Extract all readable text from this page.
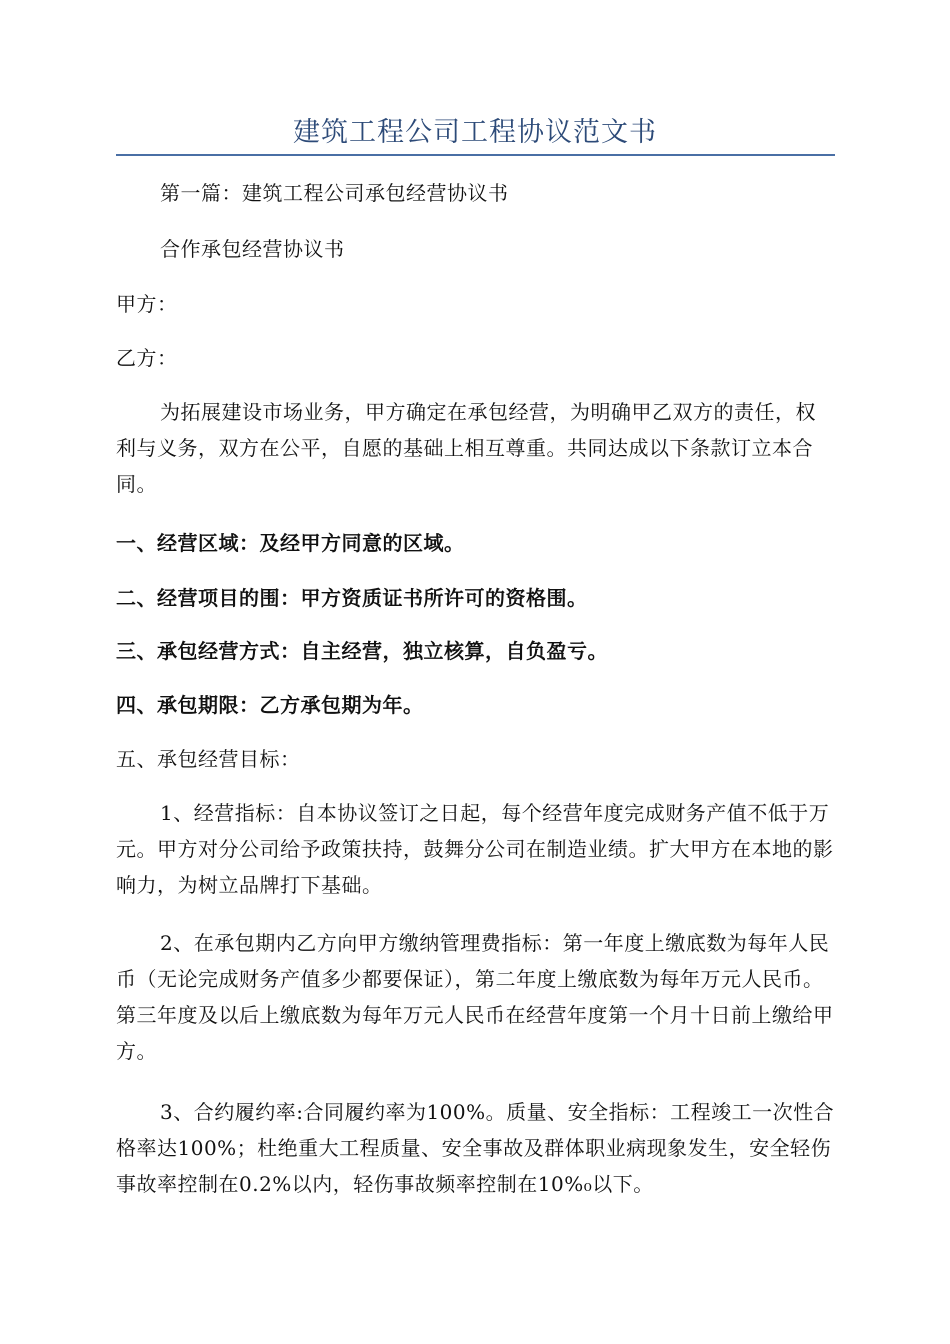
建筑工程公司工程协议范文书

第一篇：建筑工程公司承包经营协议书

合作承包经营协议书

甲方：

乙方：

为拓展建设市场业务，甲方确定在承包经营，为明确甲乙双方的责任，权利与义务，双方在公平，自愿的基础上相互尊重。共同达成以下条款订立本合同。

一、经营区域：及经甲方同意的区域。

二、经营项目的围：甲方资质证书所许可的资格围。

三、承包经营方式：自主经营，独立核算，自负盈亏。

四、承包期限：乙方承包期为年。

五、承包经营目标：

1、经营指标：自本协议签订之日起，每个经营年度完成财务产值不低于万元。甲方对分公司给予政策扶持，鼓舞分公司在制造业绩。扩大甲方在本地的影响力，为树立品牌打下基础。

2、在承包期内乙方向甲方缴纳管理费指标：第一年度上缴底数为每年人民币（无论完成财务产值多少都要保证），第二年度上缴底数为每年万元人民币。第三年度及以后上缴底数为每年万元人民币在经营年度第一个月十日前上缴给甲方。

3、合约履约率:合同履约率为100%。质量、安全指标：工程竣工一次性合格率达100%；杜绝重大工程质量、安全事故及群体职业病现象发生，安全轻伤事故率控制在0.2%以内，轻伤事故频率控制在10%₀以下。
